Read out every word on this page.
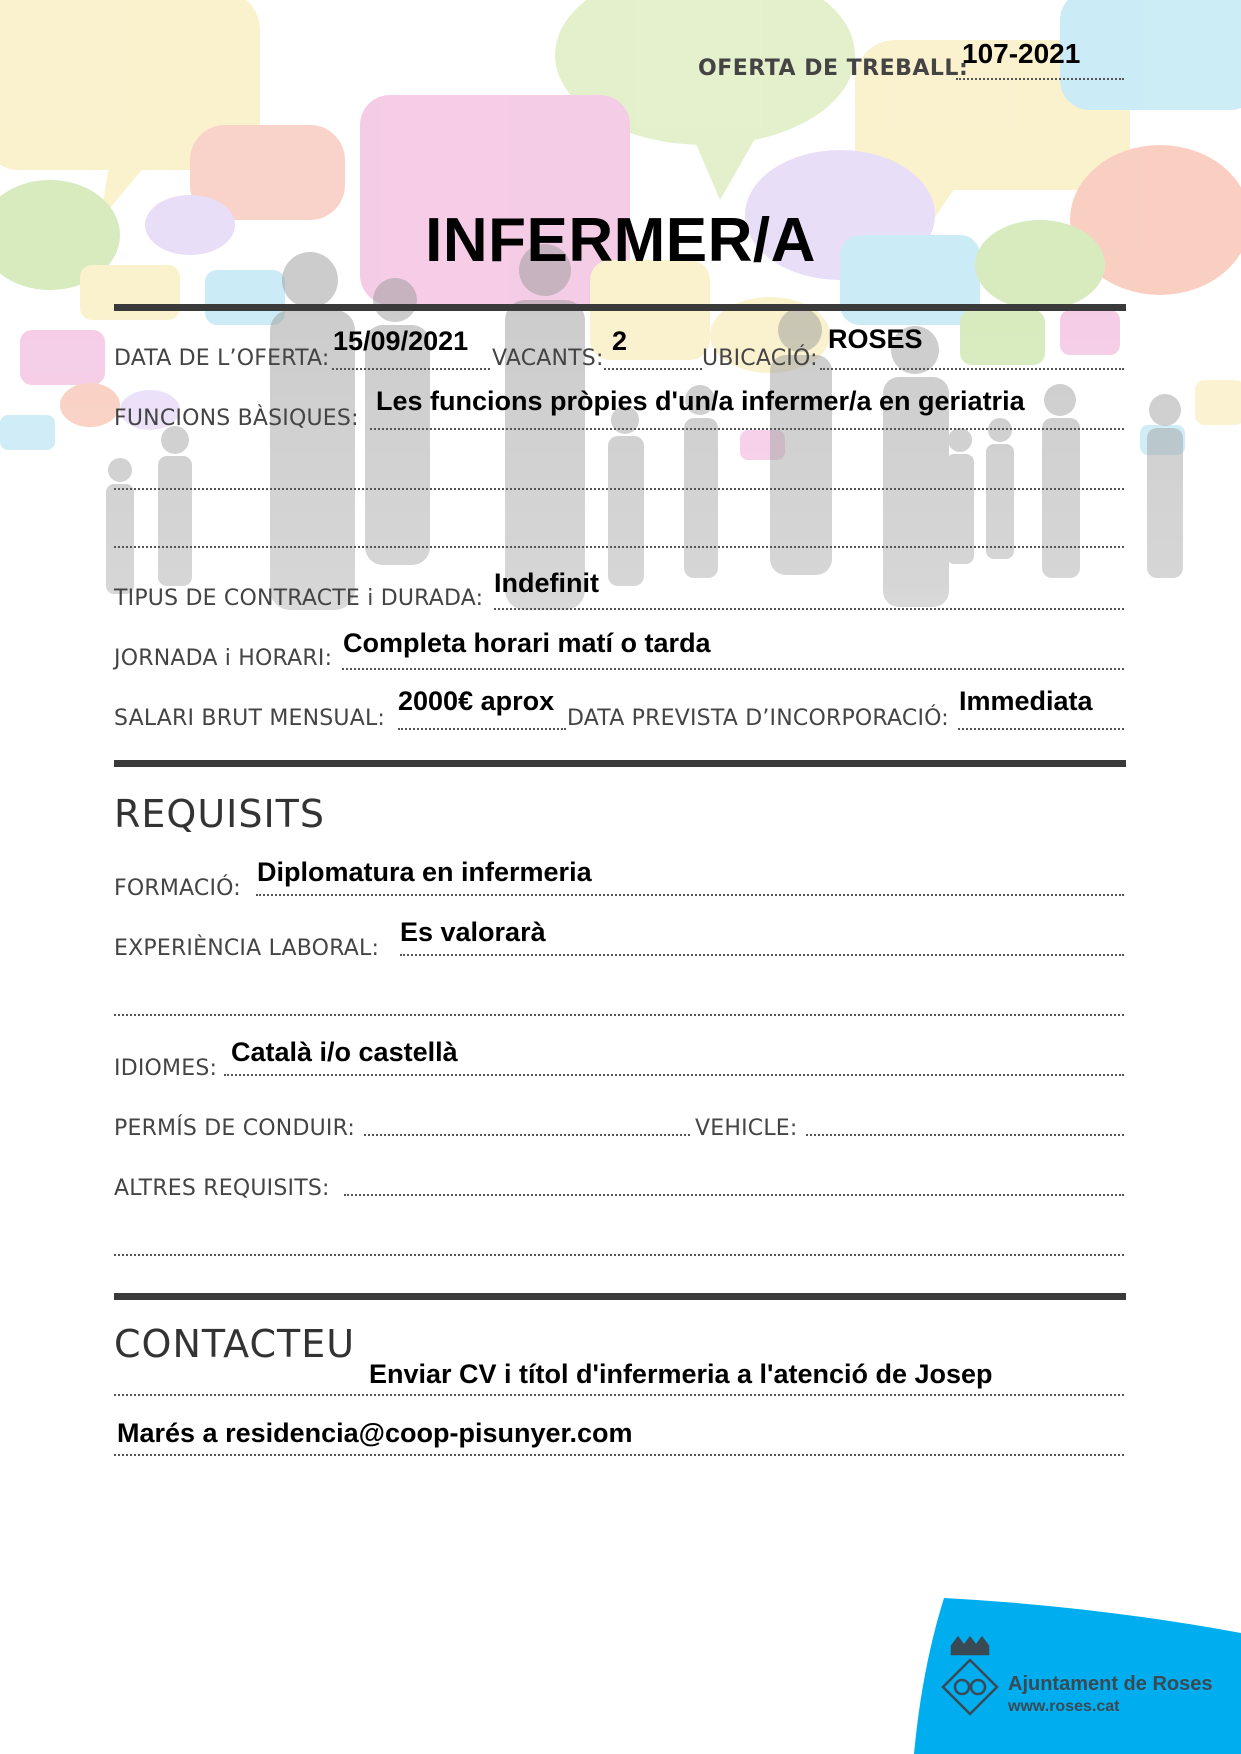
OFERTA DE TREBALL:
107-2021
INFERMER/A
DATA DE L’OFERTA:
15/09/2021
VACANTS:
2
UBICACIÓ:
ROSES
FUNCIONS BÀSIQUES:
Les funcions pròpies d'un/a infermer/a en geriatria
TIPUS DE CONTRACTE i DURADA:
Indefinit
JORNADA i HORARI:
Completa horari matí o tarda
SALARI BRUT MENSUAL:
2000€ aprox
DATA PREVISTA D’INCORPORACIÓ:
Immediata
REQUISITS
FORMACIÓ:
Diplomatura en infermeria
EXPERIÈNCIA LABORAL:
Es valorarà
IDIOMES:
Català i/o castellà
PERMÍS DE CONDUIR:	VEHICLE:
ALTRES REQUISITS:
CONTACTEU
Enviar CV i títol d'infermeria a l'atenció de Josep
Marés a residencia@coop-pisunyer.com
Ajuntament de Roses
www.roses.cat
